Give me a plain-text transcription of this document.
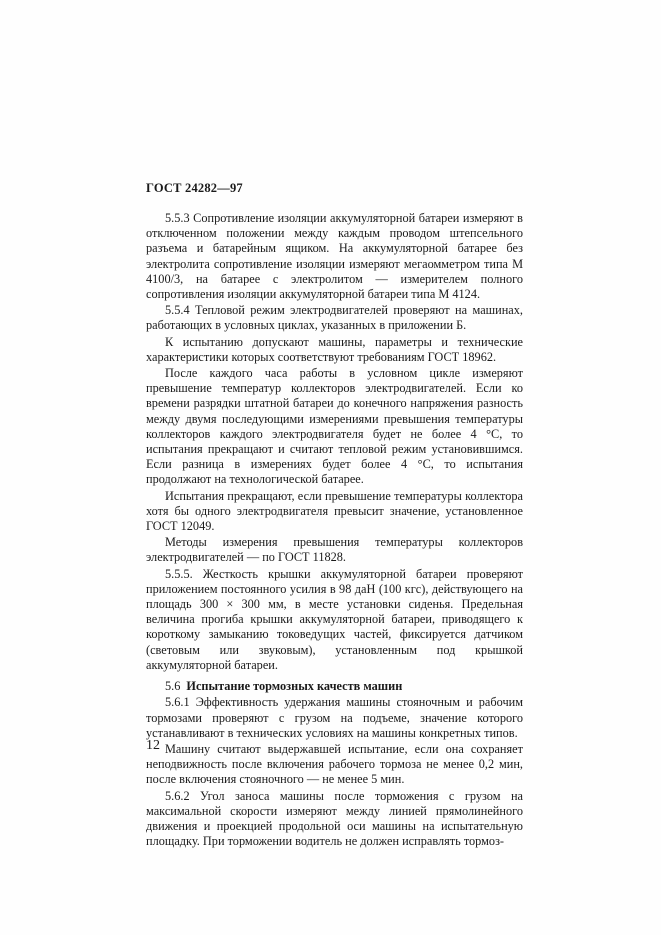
ГОСТ 24282—97

5.5.3 Сопротивление изоляции аккумуляторной батареи измеряют в отключенном положении между каждым проводом штепсельного разъема и батарейным ящиком. На аккумуляторной батарее без электролита сопротивление изоляции измеряют мегаомметром типа М 4100/3, на батарее с электролитом — измерителем полного сопротивления изоляции аккумуляторной батареи типа М 4124.

5.5.4 Тепловой режим электродвигателей проверяют на машинах, работающих в условных циклах, указанных в приложении Б.

К испытанию допускают машины, параметры и технические характеристики которых соответствуют требованиям ГОСТ 18962.

После каждого часа работы в условном цикле измеряют превышение температур коллекторов электродвигателей. Если ко времени разрядки штатной батареи до конечного напряжения разность между двумя последующими измерениями превышения температуры коллекторов каждого электродвигателя будет не более 4 °С, то испытания прекращают и считают тепловой режим установившимся. Если разница в измерениях будет более 4 °С, то испытания продолжают на технологической батарее.

Испытания прекращают, если превышение температуры коллектора хотя бы одного электродвигателя превысит значение, установленное ГОСТ 12049.

Методы измерения превышения температуры коллекторов электродвигателей — по ГОСТ 11828.

5.5.5. Жесткость крышки аккумуляторной батареи проверяют приложением постоянного усилия в 98 даН (100 кгс), действующего на площадь 300 × 300 мм, в месте установки сиденья. Предельная величина прогиба крышки аккумуляторной батареи, приводящего к короткому замыканию токоведущих частей, фиксируется датчиком (световым или звуковым), установленным под крышкой аккумуляторной батареи.

5.6 Испытание тормозных качеств машин

5.6.1 Эффективность удержания машины стояночным и рабочим тормозами проверяют с грузом на подъеме, значение которого устанавливают в технических условиях на машины конкретных типов.

Машину считают выдержавшей испытание, если она сохраняет неподвижность после включения рабочего тормоза не менее 0,2 мин, после включения стояночного — не менее 5 мин.

5.6.2 Угол заноса машины после торможения с грузом на максимальной скорости измеряют между линией прямолинейного движения и проекцией продольной оси машины на испытательную площадку. При торможении водитель не должен исправлять тормоз-

12
